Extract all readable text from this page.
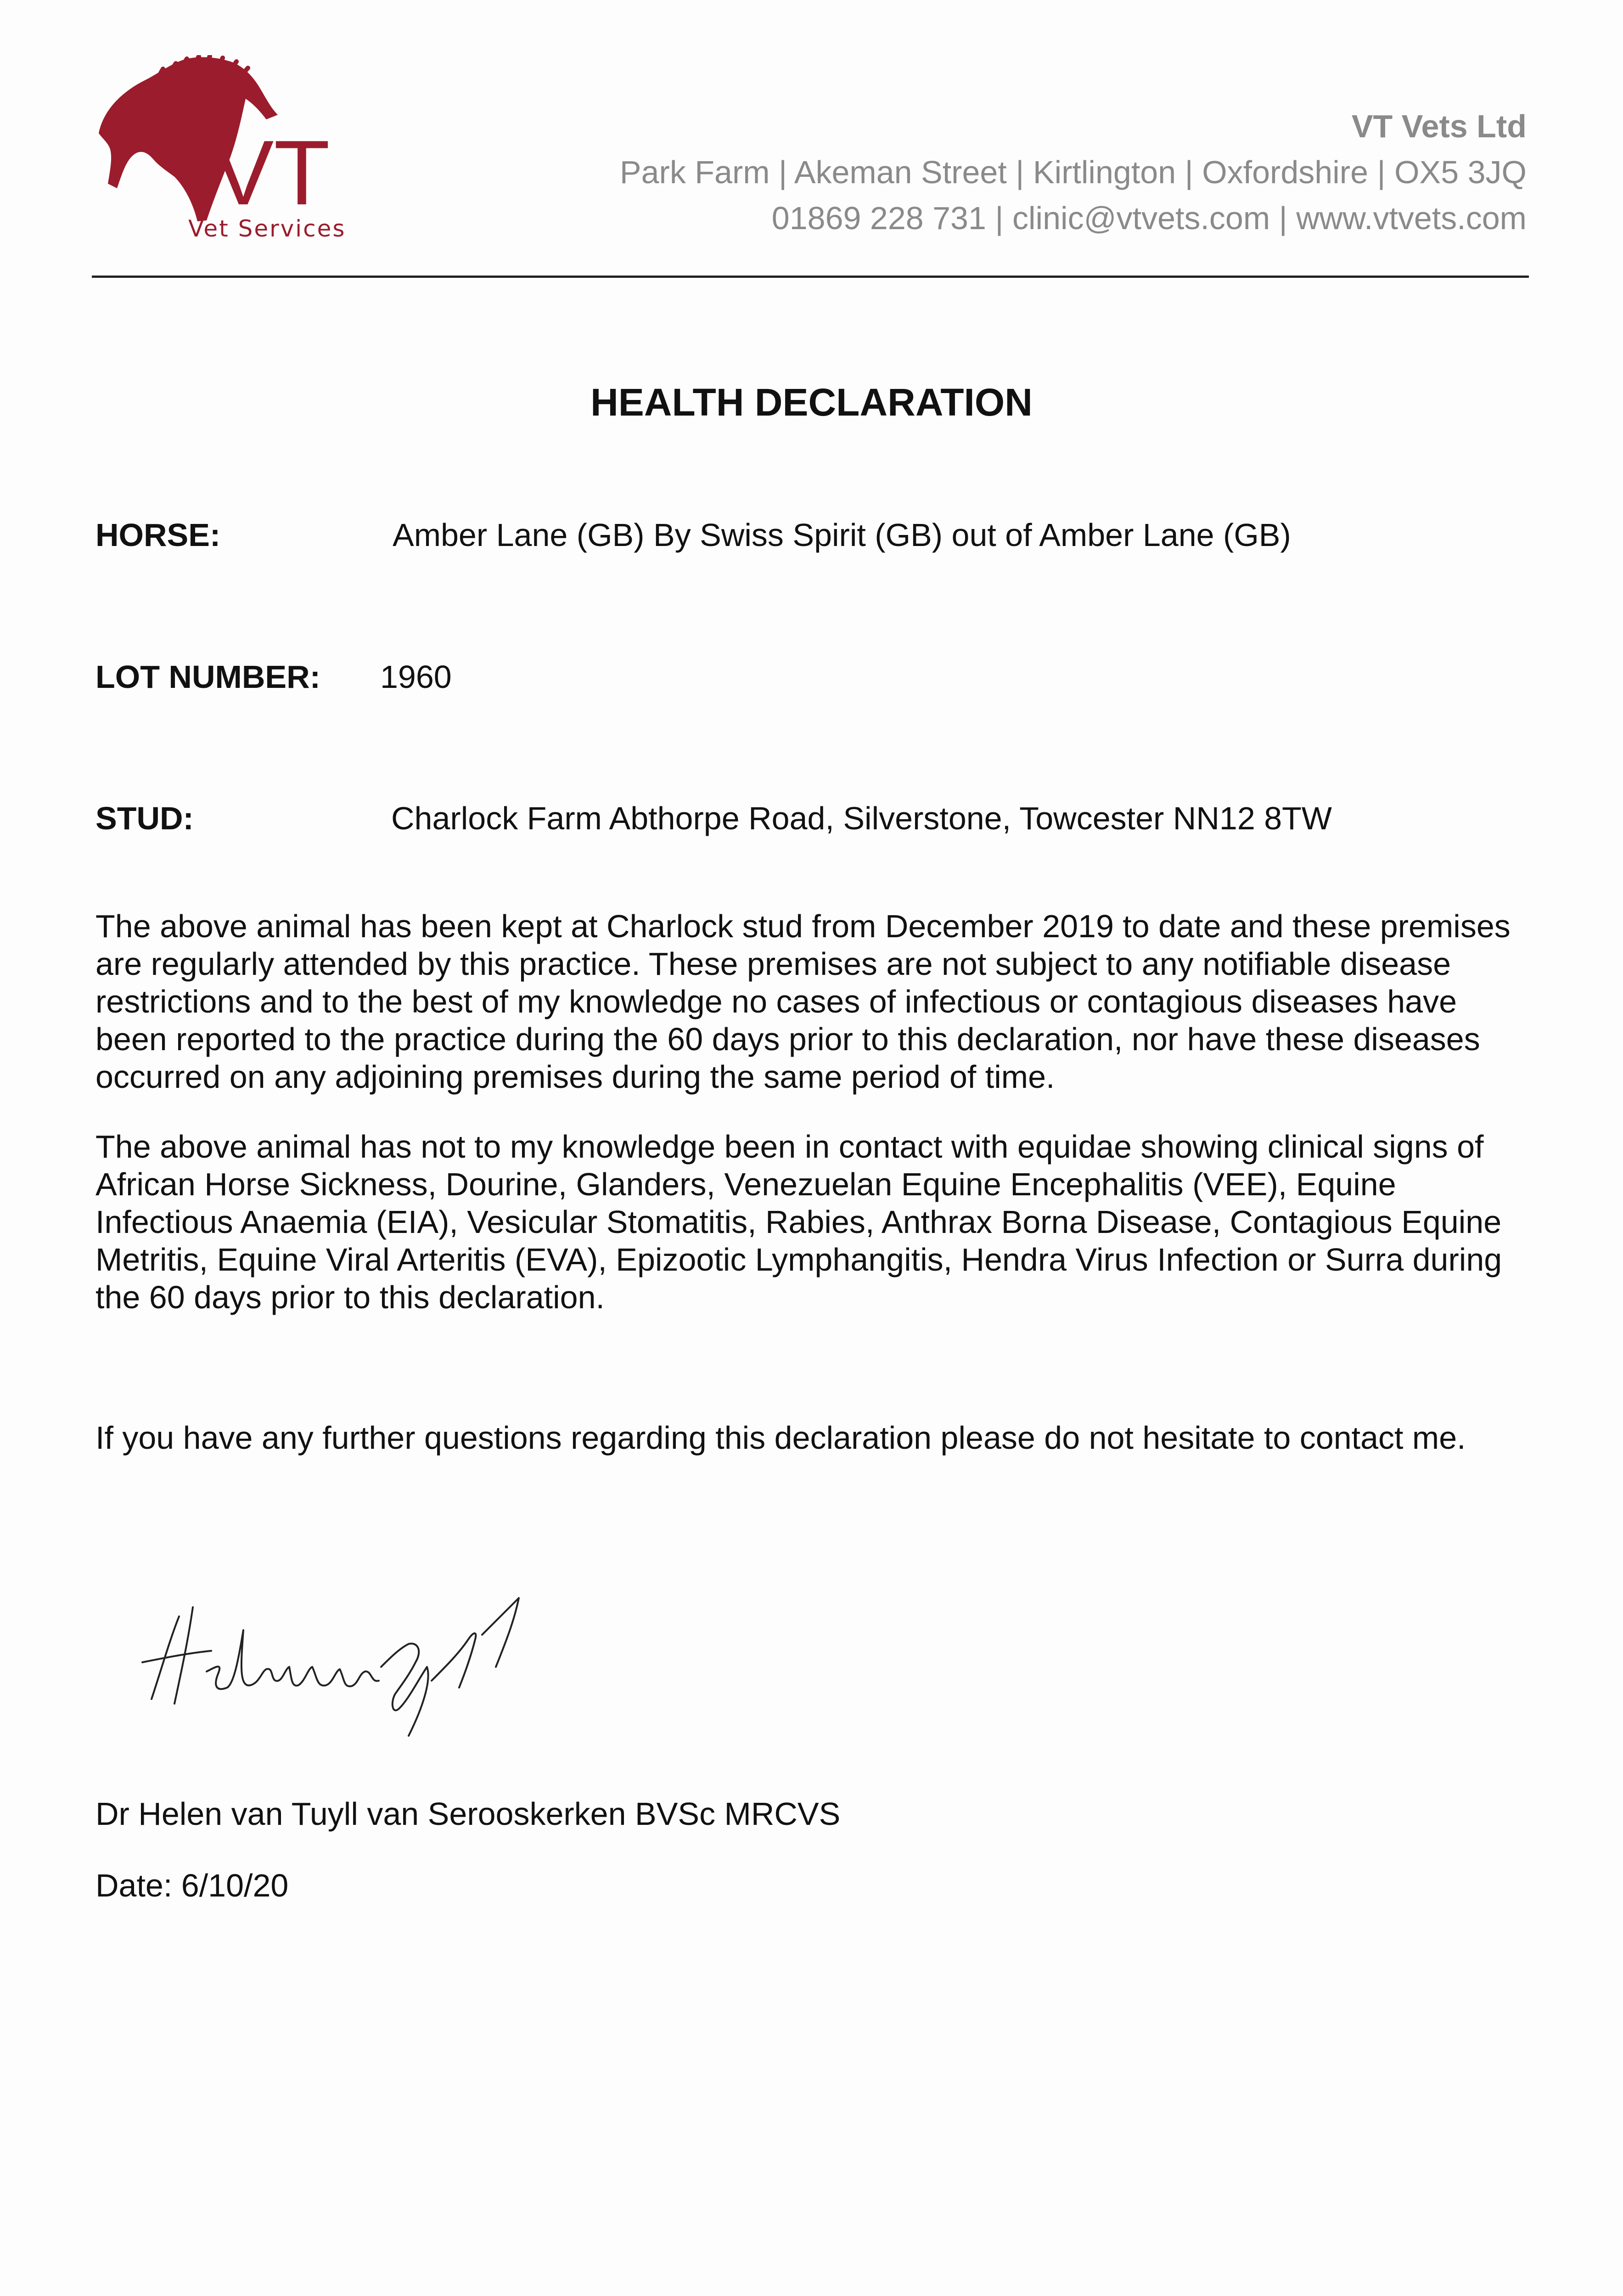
VT
Vet Services
VT Vets Ltd
Park Farm | Akeman Street | Kirtlington | Oxfordshire | OX5 3JQ
01869 228 731 | clinic@vtvets.com | www.vtvets.com
HEALTH DECLARATION
HORSE:	Amber Lane (GB) By Swiss Spirit (GB) out of Amber Lane (GB)
LOT NUMBER: 1960
STUD:	Charlock Farm Abthorpe Road, Silverstone, Towcester NN12 8TW
The above animal has been kept at Charlock stud from December 2019 to date and these premises are regularly attended by this practice. These premises are not subject to any notifiable disease restrictions and to the best of my knowledge no cases of infectious or contagious diseases have been reported to the practice during the 60 days prior to this declaration, nor have these diseases occurred on any adjoining premises during the same period of time.
The above animal has not to my knowledge been in contact with equidae showing clinical signs of African Horse Sickness, Dourine, Glanders, Venezuelan Equine Encephalitis (VEE), Equine Infectious Anaemia (EIA), Vesicular Stomatitis, Rabies, Anthrax Borna Disease, Contagious Equine Metritis, Equine Viral Arteritis (EVA), Epizootic Lymphangitis, Hendra Virus Infection or Surra during the 60 days prior to this declaration.
If you have any further questions regarding this declaration please do not hesitate to contact me.
Dr Helen van Tuyll van Serooskerken BVSc MRCVS
Date: 6/10/20
